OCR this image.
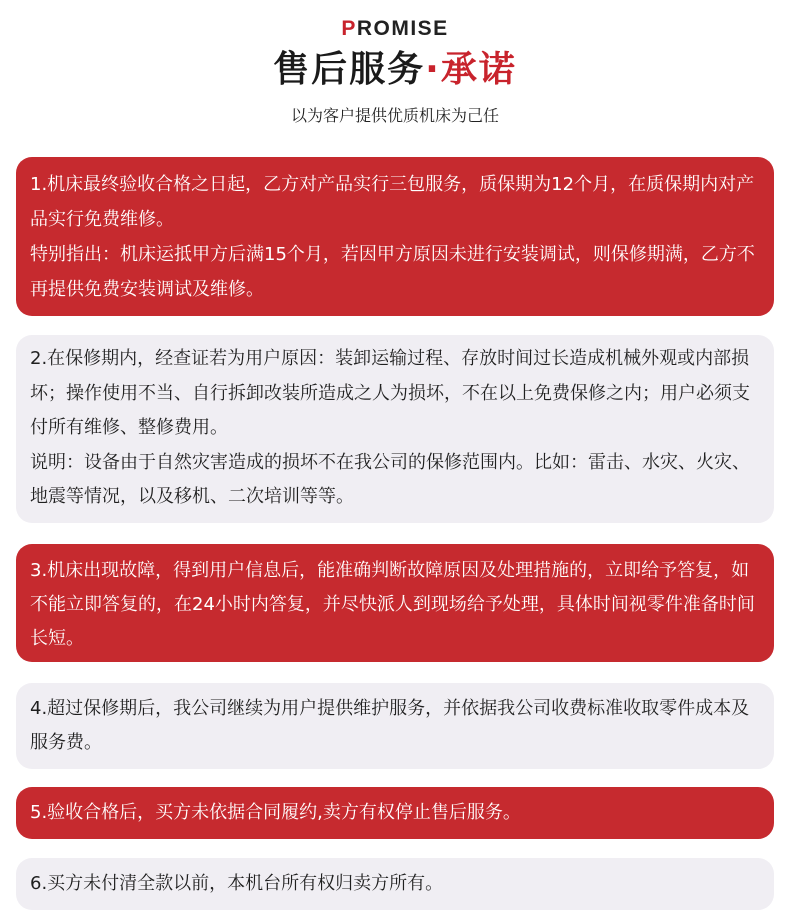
PROMISE
售后服务·承诺
以为客户提供优质机床为己任

1.机床最终验收合格之日起，乙方对产品实行三包服务，质保期为12个月，在质保期内对产品实行免费维修。

特别指出：机床运抵甲方后满15个月，若因甲方原因未进行安装调试，则保修期满，乙方不再提供免费安装调试及维修。

2.在保修期内，经查证若为用户原因：装卸运输过程、存放时间过长造成机械外观或内部损坏；操作使用不当、自行拆卸改装所造成之人为损坏，不在以上免费保修之内；用户必须支付所有维修、整修费用。

说明：设备由于自然灾害造成的损坏不在我公司的保修范围内。比如：雷击、水灾、火灾、地震等情况，以及移机、二次培训等等。

3.机床出现故障，得到用户信息后，能准确判断故障原因及处理措施的，立即给予答复，如不能立即答复的，在24小时内答复，并尽快派人到现场给予处理，具体时间视零件准备时间长短。

4.超过保修期后，我公司继续为用户提供维护服务，并依据我公司收费标准收取零件成本及服务费。

5.验收合格后，买方未依据合同履约,卖方有权停止售后服务。

6.买方未付清全款以前，本机台所有权归卖方所有。
